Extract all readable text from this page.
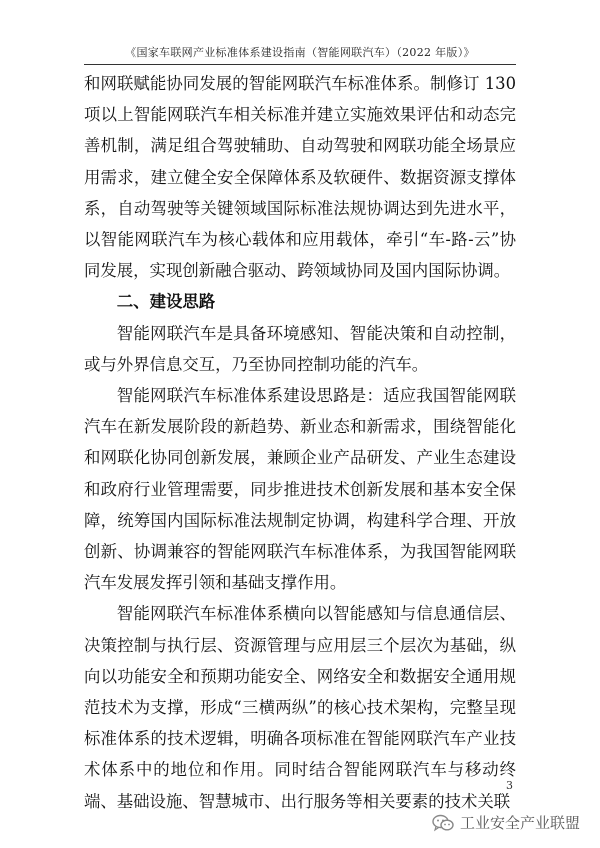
《国家车联网产业标准体系建设指南（智能网联汽车）（2022 年版）》

和网联赋能协同发展的智能网联汽车标准体系。制修订 130 项以上智能网联汽车相关标准并建立实施效果评估和动态完善机制，满足组合驾驶辅助、自动驾驶和网联功能全场景应用需求，建立健全安全保障体系及软硬件、数据资源支撑体系，自动驾驶等关键领域国际标准法规协调达到先进水平，以智能网联汽车为核心载体和应用载体，牵引“车-路-云”协同发展，实现创新融合驱动、跨领域协同及国内国际协调。

二、建设思路

智能网联汽车是具备环境感知、智能决策和自动控制，或与外界信息交互，乃至协同控制功能的汽车。

智能网联汽车标准体系建设思路是：适应我国智能网联汽车在新发展阶段的新趋势、新业态和新需求，围绕智能化和网联化协同创新发展，兼顾企业产品研发、产业生态建设和政府行业管理需要，同步推进技术创新发展和基本安全保障，统筹国内国际标准法规制定协调，构建科学合理、开放创新、协调兼容的智能网联汽车标准体系，为我国智能网联汽车发展发挥引领和基础支撑作用。

智能网联汽车标准体系横向以智能感知与信息通信层、决策控制与执行层、资源管理与应用层三个层次为基础，纵向以功能安全和预期功能安全、网络安全和数据安全通用规范技术为支撑，形成“三横两纵”的核心技术架构，完整呈现标准体系的技术逻辑，明确各项标准在智能网联汽车产业技术体系中的地位和作用。同时结合智能网联汽车与移动终端、基础设施、智慧城市、出行服务等相关要素的技术关联

3
工业安全产业联盟
